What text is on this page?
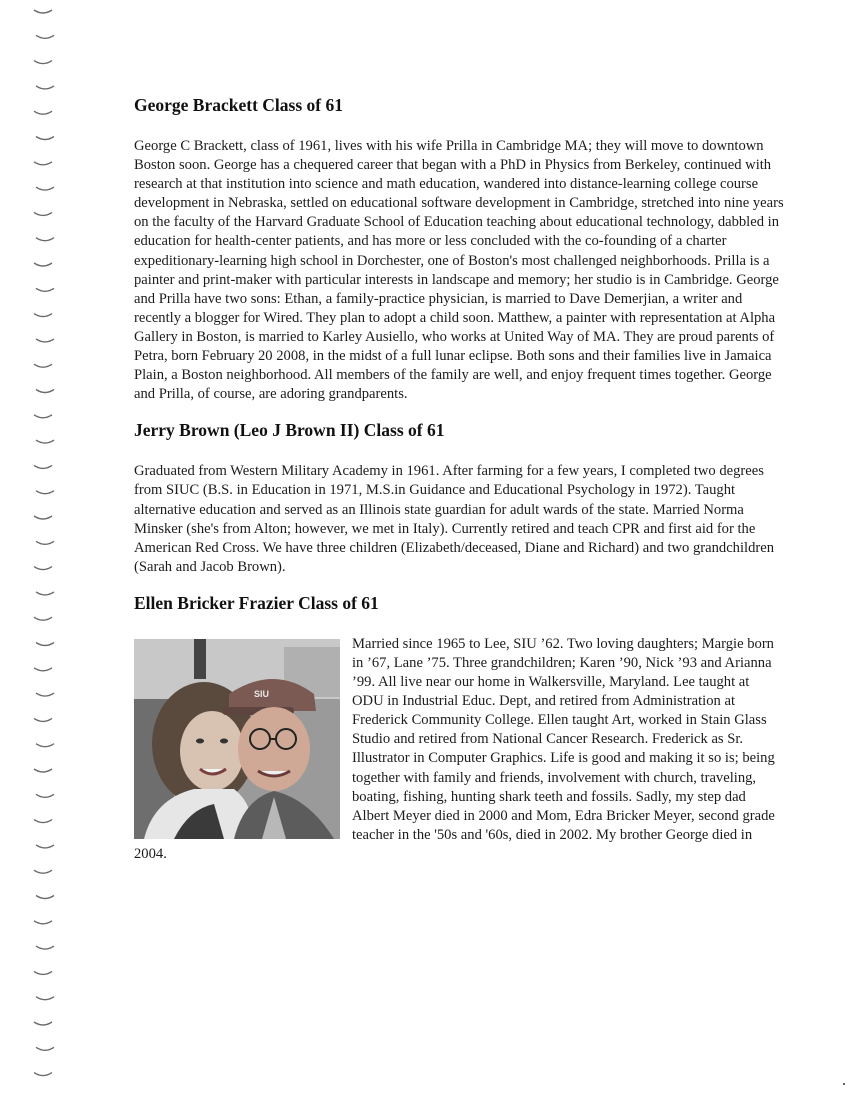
George Brackett Class of 61

George C Brackett, class of 1961, lives with his wife Prilla in Cambridge MA; they will move to downtown Boston soon. George has a chequered career that began with a PhD in Physics from Berkeley, continued with research at that institution into science and math education, wandered into distance-learning college course development in Nebraska, settled on educational software development in Cambridge, stretched into nine years on the faculty of the Harvard Graduate School of Education teaching about educational technology, dabbled in education for health-center patients, and has more or less concluded with the co-founding of a charter expeditionary-learning high school in Dorchester, one of Boston's most challenged neighborhoods. Prilla is a painter and print-maker with particular interests in landscape and memory; her studio is in Cambridge. George and Prilla have two sons: Ethan, a family-practice physician, is married to Dave Demerjian, a writer and recently a blogger for Wired. They plan to adopt a child soon. Matthew, a painter with representation at Alpha Gallery in Boston, is married to Karley Ausiello, who works at United Way of MA. They are proud parents of Petra, born February 20 2008, in the midst of a full lunar eclipse. Both sons and their families live in Jamaica Plain, a Boston neighborhood. All members of the family are well, and enjoy frequent times together. George and Prilla, of course, are adoring grandparents.

Jerry Brown (Leo J Brown II) Class of 61

Graduated from Western Military Academy in 1961. After farming for a few years, I completed two degrees from SIUC (B.S. in Education in 1971, M.S.in Guidance and Educational Psychology in 1972). Taught alternative education and served as an Illinois state guardian for adult wards of the state. Married Norma Minsker (she's from Alton; however, we met in Italy). Currently retired and teach CPR and first aid for the American Red Cross. We have three children (Elizabeth/deceased, Diane and Richard) and two grandchildren (Sarah and Jacob Brown).

Ellen Bricker Frazier Class of 61
SIU

Married since 1965 to Lee, SIU ’62. Two loving daughters; Margie born in ’67, Lane ’75. Three grandchildren; Karen ’90, Nick ’93 and Arianna ’99. All live near our home in Walkersville, Maryland. Lee taught at ODU in Industrial Educ. Dept, and retired from Administration at Frederick Community College. Ellen taught Art, worked in Stain Glass Studio and retired from National Cancer Research. Frederick as Sr. Illustrator in Computer Graphics. Life is good and making it so is; being together with family and friends, involvement with church, traveling, boating, fishing, hunting shark teeth and fossils. Sadly, my step dad Albert Meyer died in 2000 and Mom, Edra Bricker Meyer, second grade teacher in the '50s and '60s, died in 2002. My brother George died in 2004.
